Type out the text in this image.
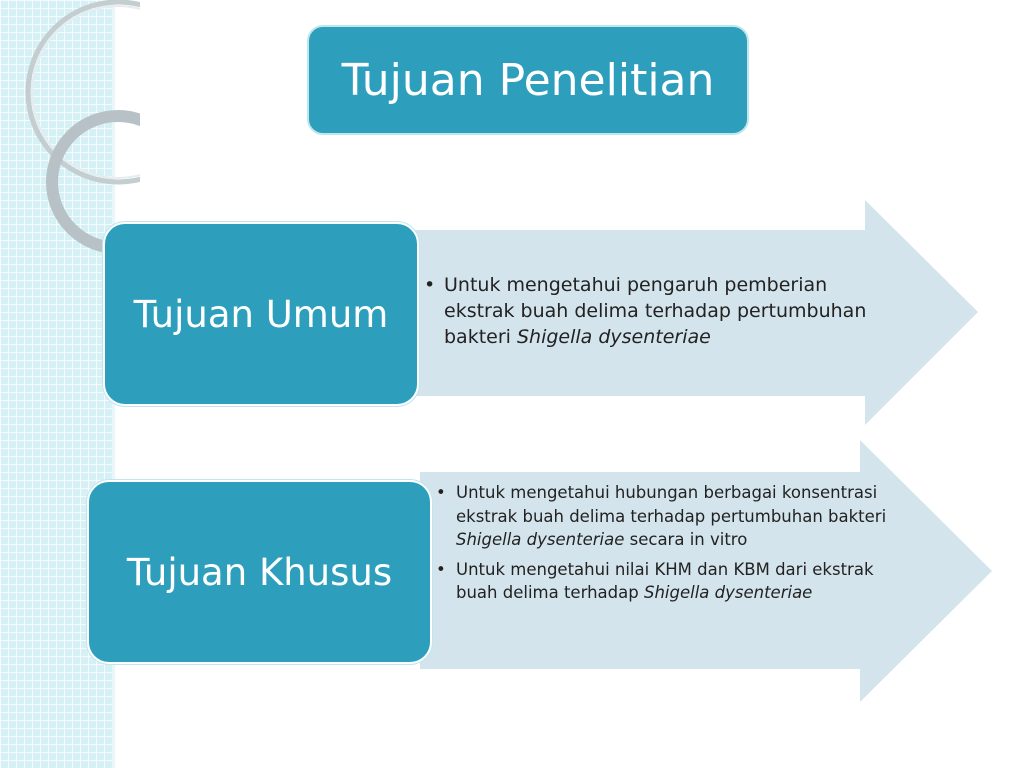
Tujuan Penelitian
• Untuk mengetahui pengaruh pemberian ekstrak buah delima terhadap pertumbuhan bakteri Shigella dysenteriae
Tujuan Umum
• Untuk mengetahui hubungan berbagai konsentrasi ekstrak buah delima terhadap pertumbuhan bakteri Shigella dysenteriae secara in vitro
• Untuk mengetahui nilai KHM dan KBM dari ekstrak buah delima terhadap Shigella dysenteriae
Tujuan Khusus
